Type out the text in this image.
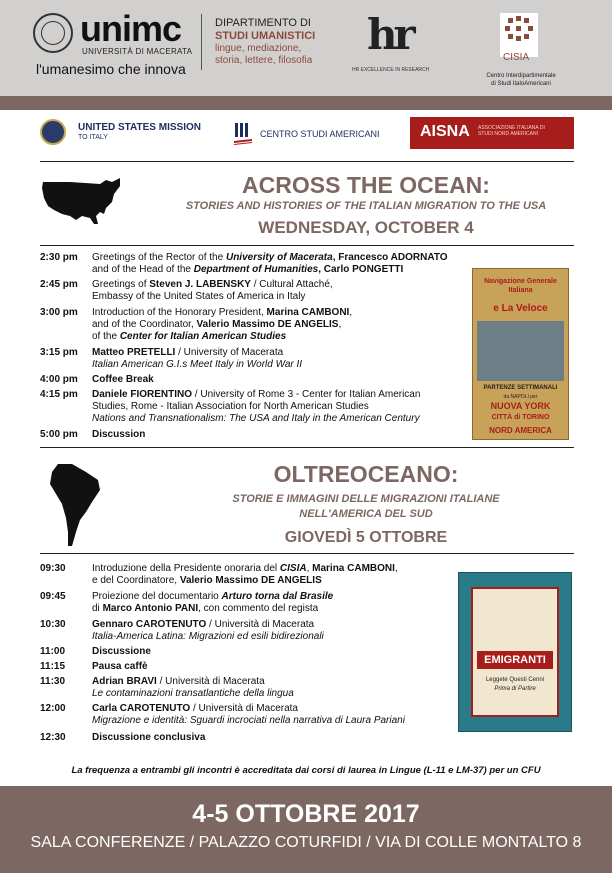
unimc
UNIVERSITÀ DI MACERATA
l'umanesimo che innova
DIPARTIMENTO DI
STUDI UMANISTICI
lingue, mediazione,
storia, lettere, filosofia
hr
HR EXCELLENCE IN RESEARCH
CISIA
Centro Interdipartimentale
di Studi ItaloAmericani
UNITED STATES MISSION
TO ITALY	CENTRO STUDI AMERICANI	AISNA ASSOCIAZIONE ITALIANA DI STUDI NORD AMERICANI
ACROSS THE OCEAN:
STORIES AND HISTORIES OF THE ITALIAN MIGRATION TO THE USA
WEDNESDAY, OCTOBER 4
2:30 pm Greetings of the Rector of the University of Macerata, Francesco ADORNATO
and of the Head of the Department of Humanities, Carlo PONGETTI
2:45 pm Greetings of Steven J. LABENSKY / Cultural Attaché,
Embassy of the United States of America in Italy
3:00 pm Introduction of the Honorary President, Marina CAMBONI,
and of the Coordinator, Valerio Massimo DE ANGELIS,
of the Center for Italian American Studies
3:15 pm Matteo PRETELLI / University of Macerata
Italian American G.I.s Meet Italy in World War II
4:00 pm Coffee Break
4:15 pm Daniele FIORENTINO / University of Rome 3 - Center for Italian American
Studies, Rome - Italian Association for North American Studies
Nations and Transnationalism: The USA and Italy in the American Century
5:00 pm Discussion
Navigazione Generale Italiana
e La Veloce
PARTENZE SETTIMANALI
da NAPOLI per
NUOVA YORK
CITTÀ di TORINO
NORD AMERICA
OLTREOCEANO:
STORIE E IMMAGINI DELLE MIGRAZIONI ITALIANE
NELL'AMERICA DEL SUD
GIOVEDÌ 5 OTTOBRE
09:30	Introduzione della Presidente onoraria del CISIA, Marina CAMBONI,
e del Coordinatore, Valerio Massimo DE ANGELIS
09:45	Proiezione del documentario Arturo torna dal Brasile
di Marco Antonio PANI, con commento del regista
10:30	Gennaro CAROTENUTO / Università di Macerata
Italia-America Latina: Migrazioni ed esili bidirezionali
11:00	Discussione
11:15	Pausa caffè
11:30	Adrian BRAVI / Università di Macerata
Le contaminazioni transatlantiche della lingua
12:00	Carla CAROTENUTO / Università di Macerata
Migrazione e identità: Sguardi incrociati nella narrativa di Laura Pariani
12:30	Discussione conclusiva
EMIGRANTI
Leggete Questi Cenni
Prima di Partire
La frequenza a entrambi gli incontri è accreditata dai corsi di laurea in Lingue (L-11 e LM-37) per un CFU
4-5 OTTOBRE 2017
SALA CONFERENZE / PALAZZO COTURFIDI / VIA DI COLLE MONTALTO 8
